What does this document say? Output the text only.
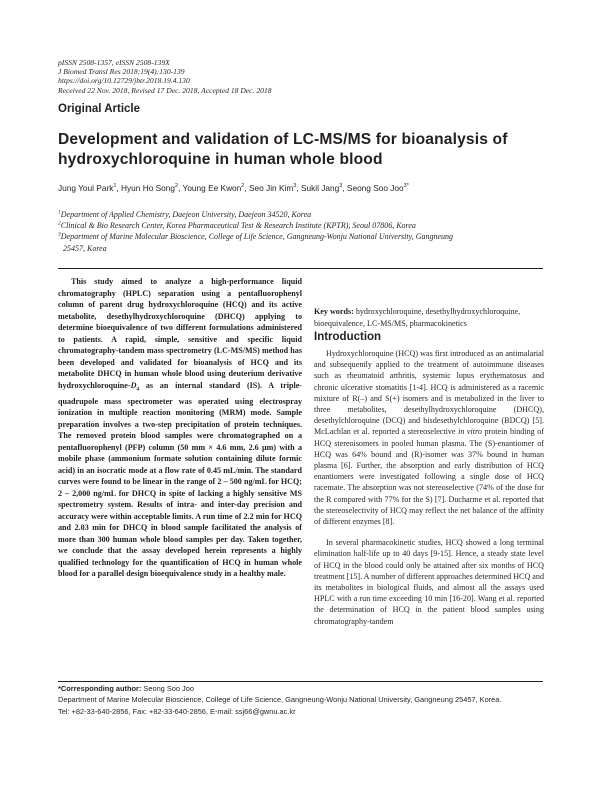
pISSN 2508-1357, eISSN 2508-139X
J Biomed Transl Res 2018;19(4):130-139
https://doi.org/10.12729/jbtr.2018.19.4.130
Received 22 Nov. 2018, Revised 17 Dec. 2018, Accepted 18 Dec. 2018
Original Article
Development and validation of LC-MS/MS for bioanalysis of
hydroxychloroquine in human whole blood
Jung Youl Park$^1$, Hyun Ho Song$^2$, Young Ee Kwon$^2$, Seo Jin Kim$^3$, Sukil Jang$^3$, Seong Soo Joo$^{3*}$
$^1$Department of Applied Chemistry, Daejeon University, Daejeon 34520, Korea
$^2$Clinical & Bio Research Center, Korea Pharmaceutical Test & Research Institute (KPTR), Seoul 07806, Korea
$^3$Department of Marine Molecular Bioscience, College of Life Science, Gangneung-Wonju National University, Gangneung
25457, Korea

This study aimed to analyze a high-performance liquid chromatography (HPLC) separation using a pentafluorophenyl column of parent drug hydroxychloroquine (HCQ) and its active metabolite, desethylhydroxychloroquine (DHCQ) applying to determine bioequivalence of two different formulations administered to patients. A rapid, simple, sensitive and specific liquid chromatography-tandem mass spectrometry (LC-MS/MS) method has been developed and validated for bioanalysis of HCQ and its metabolite DHCQ in human whole blood using deuterium derivative hydroxychloroquine-$D_4$ as an internal standard (IS). A triple-quadrupole mass spectrometer was operated using electrospray ionization in multiple reaction monitoring (MRM) mode. Sample preparation involves a two-step precipitation of protein techniques. The removed protein blood samples were chromatographed on a pentafluorophenyl (PFP) column (50 mm × 4.6 mm, 2.6 μm) with a mobile phase (ammonium formate solution containing dilute formic acid) in an isocratic mode at a flow rate of 0.45 mL/min. The standard curves were found to be linear in the range of 2 – 500 ng/mL for HCQ; 2 – 2,000 ng/mL for DHCQ in spite of lacking a highly sensitive MS spectrometry system. Results of intra- and inter-day precision and accuracy were within acceptable limits. A run time of 2.2 min for HCQ and 2.03 min for DHCQ in blood sample facilitated the analysis of more than 300 human whole blood samples per day. Taken together, we conclude that the assay developed herein represents a highly qualified technology for the quantification of HCQ in human whole blood for a parallel design bioequivalence study in a healthy male.

Key words: hydroxychloroquine, desethylhydroxychloroquine, bioequivalence, LC-MS/MS, pharmacokinetics
Introduction

Hydroxychloroquine (HCQ) was first introduced as an antimalarial and subsequently applied to the treatment of autoimmune diseases such as rheumatoid arthritis, systemic lupus erythematosus and chronic ulcerative stomatitis [1-4]. HCQ is administered as a racemic mixture of R(–) and S(+) isomers and is metabolized in the liver to three metabolites, desethylhydroxychloroquine (DHCQ), desethylchloroquine (DCQ) and bisdesethylchloroquine (BDCQ) [5]. McLachlan et al. reported a stereoselective in vitro protein binding of HCQ stereoisomers in pooled human plasma. The (S)-enantiomer of HCQ was 64% bound and (R)-isomer was 37% bound in human plasma [6]. Further, the absorption and early distribution of HCQ enantiomers were investigated following a single dose of HCQ racemate. The absorption was not stereoselective (74% of the dose for the R compared with 77% for the S) [7]. Ducharme et al. reported that the stereoselectivity of HCQ may reflect the net balance of the affinity of different enzymes [8].

In several pharmacokinetic studies, HCQ showed a long terminal elimination half-life up to 40 days [9-15]. Hence, a steady state level of HCQ in the blood could only be attained after six months of HCQ treatment [15]. A number of different approaches determined HCQ and its metabolites in biological fluids, and almost all the assays used HPLC with a run time exceeding 10 min [16-20]. Wang et al. reported the determination of HCQ in the patient blood samples using chromatography-tandem

*Corresponding author: Seong Soo Joo
Department of Marine Molecular Bioscience, College of Life Science, Gangneung-Wonju National University, Gangneung 25457, Korea.
Tel: +82-33-640-2856, Fax: +82-33-640-2856, E-mail: ssj66@gwnu.ac.kr
